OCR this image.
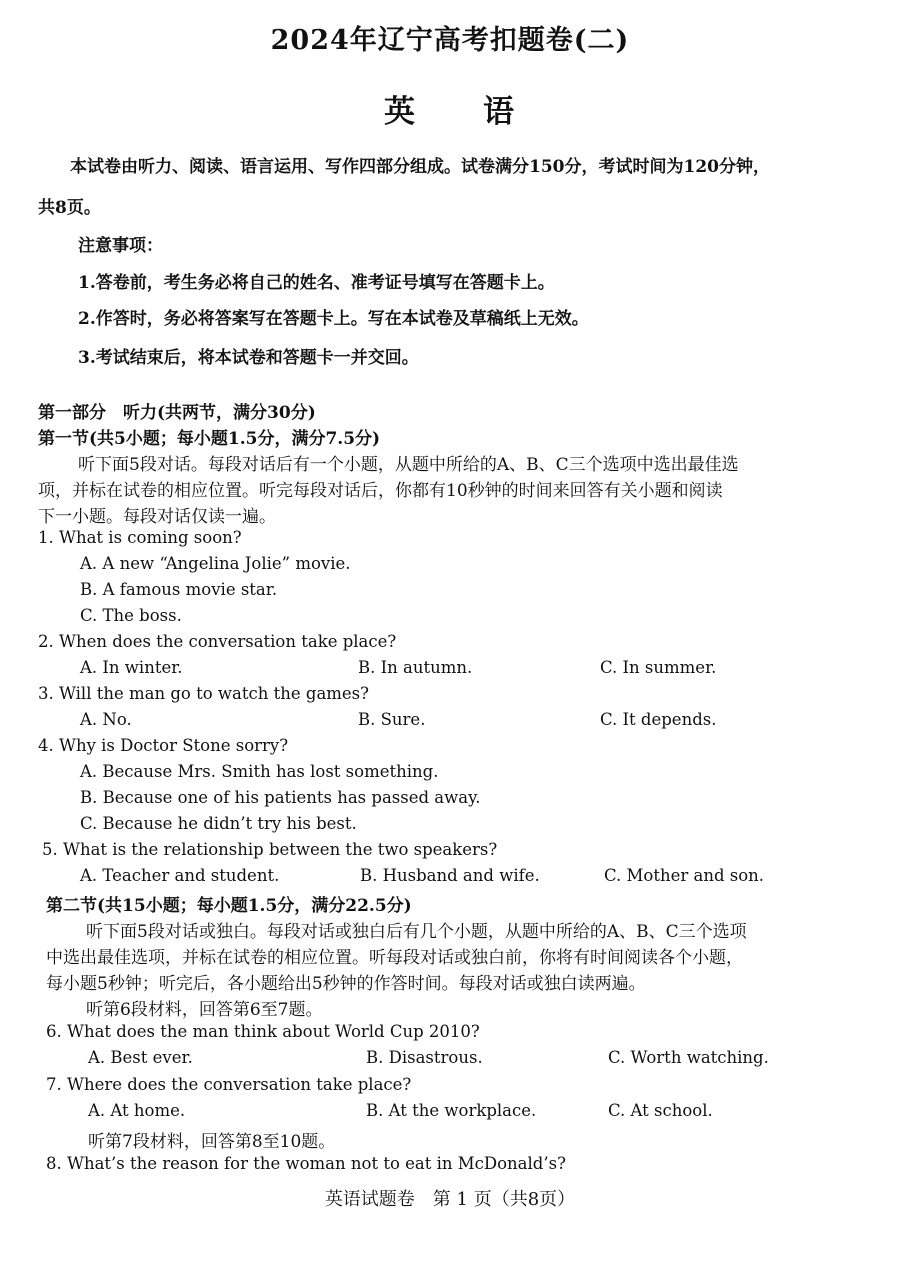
2024年辽宁高考扣题卷(二)
英　　语
本试卷由听力、阅读、语言运用、写作四部分组成。试卷满分150分，考试时间为120分钟，
共8页。
注意事项：
1.答卷前，考生务必将自己的姓名、准考证号填写在答题卡上。
2.作答时，务必将答案写在答题卡上。写在本试卷及草稿纸上无效。
3.考试结束后，将本试卷和答题卡一并交回。
第一部分　听力(共两节，满分30分)
第一节(共5小题；每小题1.5分，满分7.5分)
听下面5段对话。每段对话后有一个小题，从题中所给的A、B、C三个选项中选出最佳选
项，并标在试卷的相应位置。听完每段对话后，你都有10秒钟的时间来回答有关小题和阅读
下一小题。每段对话仅读一遍。
1. What is coming soon?
A. A new “Angelina Jolie” movie.
B. A famous movie star.
C. The boss.
2. When does the conversation take place?
A. In winter.	B. In autumn.	C. In summer.
3. Will the man go to watch the games?
A. No.	B. Sure.	C. It depends.
4. Why is Doctor Stone sorry?
A. Because Mrs. Smith has lost something.
B. Because one of his patients has passed away.
C. Because he didn’t try his best.
5. What is the relationship between the two speakers?
A. Teacher and student.	B. Husband and wife.	C. Mother and son.
第二节(共15小题；每小题1.5分，满分22.5分)
听下面5段对话或独白。每段对话或独白后有几个小题，从题中所给的A、B、C三个选项
中选出最佳选项，并标在试卷的相应位置。听每段对话或独白前，你将有时间阅读各个小题，
每小题5秒钟；听完后，各小题给出5秒钟的作答时间。每段对话或独白读两遍。
听第6段材料，回答第6至7题。
6. What does the man think about World Cup 2010?
A. Best ever.	B. Disastrous.	C. Worth watching.
7. Where does the conversation take place?
A. At home.	B. At the workplace.	C. At school.
听第7段材料，回答第8至10题。
8. What’s the reason for the woman not to eat in McDonald’s?
英语试题卷　第 1 页（共8页）
